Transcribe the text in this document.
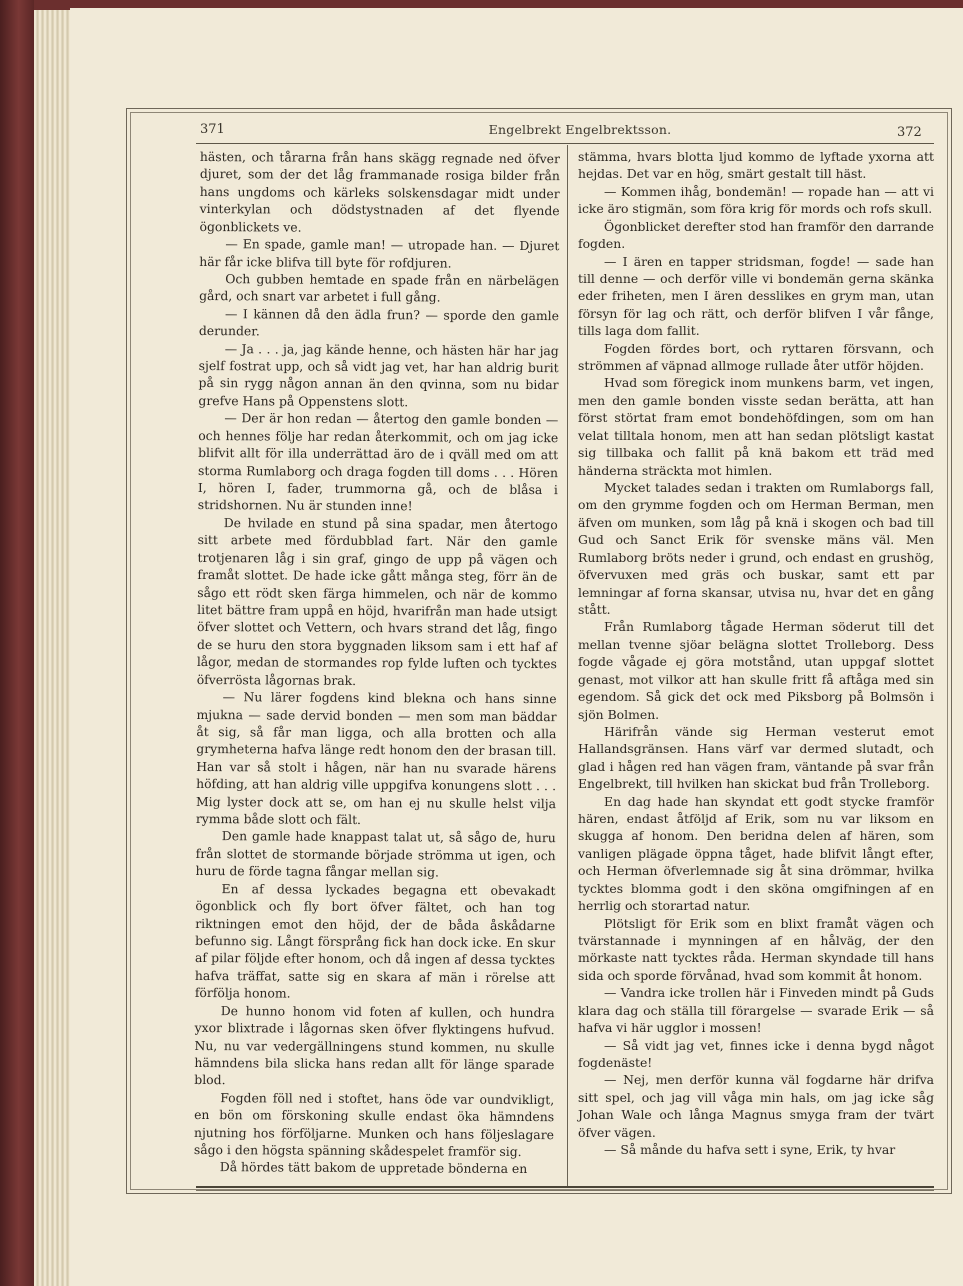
371	Engelbrekt Engelbrektsson.	372

hästen, och tårarna från hans skägg regnade ned öfver djuret, som der det låg frammanade rosiga bilder från hans ungdoms och kärleks solskensdagar midt under vinterkylan och dödstystnaden af det flyende ögonblickets ve.

— En spade, gamle man! — utropade han. — Djuret här får icke blifva till byte för rofdjuren.

Och gubben hemtade en spade från en närbelägen gård, och snart var arbetet i full gång.

— I kännen då den ädla frun? — sporde den gamle derunder.

— Ja . . . ja, jag kände henne, och hästen här har jag sjelf fostrat upp, och så vidt jag vet, har han aldrig burit på sin rygg någon annan än den qvinna, som nu bidar grefve Hans på Oppenstens slott.

— Der är hon redan — återtog den gamle bonden — och hennes följe har redan återkommit, och om jag icke blifvit allt för illa underrättad äro de i qväll med om att storma Rumlaborg och draga fogden till doms . . . Hören I, hören I, fader, trummorna gå, och de blåsa i stridshornen. Nu är stunden inne!

De hvilade en stund på sina spadar, men återtogo sitt arbete med fördubblad fart. När den gamle trotjenaren låg i sin graf, gingo de upp på vägen och framåt slottet. De hade icke gått många steg, förr än de sågo ett rödt sken färga himmelen, och när de kommo litet bättre fram uppå en höjd, hvarifrån man hade utsigt öfver slottet och Vettern, och hvars strand det låg, fingo de se huru den stora byggnaden liksom sam i ett haf af lågor, medan de stormandes rop fylde luften och tycktes öfverrösta lågornas brak.

— Nu lärer fogdens kind blekna och hans sinne mjukna — sade dervid bonden — men som man bäddar åt sig, så får man ligga, och alla brotten och alla grymheterna hafva länge redt honom den der brasan till. Han var så stolt i hågen, när han nu svarade härens höfding, att han aldrig ville uppgifva konungens slott . . . Mig lyster dock att se, om han ej nu skulle helst vilja rymma både slott och fält.

Den gamle hade knappast talat ut, så sågo de, huru från slottet de stormande började strömma ut igen, och huru de förde tagna fångar mellan sig.

En af dessa lyckades begagna ett obevakadt ögonblick och fly bort öfver fältet, och han tog riktningen emot den höjd, der de båda åskådarne befunno sig. Långt försprång fick han dock icke. En skur af pilar följde efter honom, och då ingen af dessa tycktes hafva träffat, satte sig en skara af män i rörelse att förfölja honom.

De hunno honom vid foten af kullen, och hundra yxor blixtrade i lågornas sken öfver flyktingens hufvud. Nu, nu var vedergällningens stund kommen, nu skulle hämndens bila slicka hans redan allt för länge sparade blod.

Fogden föll ned i stoftet, hans öde var oundvikligt, en bön om förskoning skulle endast öka hämndens njutning hos förföljarne. Munken och hans följeslagare sågo i den högsta spänning skådespelet framför sig.

Då hördes tätt bakom de uppretade bönderna en

stämma, hvars blotta ljud kommo de lyftade yxorna att hejdas. Det var en hög, smärt gestalt till häst.

— Kommen ihåg, bondemän! — ropade han — att vi icke äro stigmän, som föra krig för mords och rofs skull.

Ögonblicket derefter stod han framför den darrande fogden.

— I ären en tapper stridsman, fogde! — sade han till denne — och derför ville vi bondemän gerna skänka eder friheten, men I ären desslikes en grym man, utan försyn för lag och rätt, och derför blifven I vår fånge, tills laga dom fallit.

Fogden fördes bort, och ryttaren försvann, och strömmen af väpnad allmoge rullade åter utför höjden.

Hvad som föregick inom munkens barm, vet ingen, men den gamle bonden visste sedan berätta, att han först störtat fram emot bondehöfdingen, som om han velat tilltala honom, men att han sedan plötsligt kastat sig tillbaka och fallit på knä bakom ett träd med händerna sträckta mot himlen.

Mycket talades sedan i trakten om Rumlaborgs fall, om den grymme fogden och om Herman Berman, men äfven om munken, som låg på knä i skogen och bad till Gud och Sanct Erik för svenske mäns väl. Men Rumlaborg bröts neder i grund, och endast en grushög, öfvervuxen med gräs och buskar, samt ett par lemningar af forna skansar, utvisa nu, hvar det en gång stått.

Från Rumlaborg tågade Herman söderut till det mellan tvenne sjöar belägna slottet Trolleborg. Dess fogde vågade ej göra motstånd, utan uppgaf slottet genast, mot vilkor att han skulle fritt få aftåga med sin egendom. Så gick det ock med Piksborg på Bolmsön i sjön Bolmen.

Härifrån vände sig Herman vesterut emot Hallandsgränsen. Hans värf var dermed slutadt, och glad i hågen red han vägen fram, väntande på svar från Engelbrekt, till hvilken han skickat bud från Trolleborg.

En dag hade han skyndat ett godt stycke framför hären, endast åtföljd af Erik, som nu var liksom en skugga af honom. Den beridna delen af hären, som vanligen plägade öppna tåget, hade blifvit långt efter, och Herman öfverlemnade sig åt sina drömmar, hvilka tycktes blomma godt i den sköna omgifningen af en herrlig och storartad natur.

Plötsligt för Erik som en blixt framåt vägen och tvärstannade i mynningen af en hålväg, der den mörkaste natt tycktes råda. Herman skyndade till hans sida och sporde förvånad, hvad som kommit åt honom.

— Vandra icke trollen här i Finveden mindt på Guds klara dag och ställa till förargelse — svarade Erik — så hafva vi här ugglor i mossen!

— Så vidt jag vet, finnes icke i denna bygd något fogdenäste!

— Nej, men derför kunna väl fogdarne här drifva sitt spel, och jag vill våga min hals, om jag icke såg Johan Wale och långa Magnus smyga fram der tvärt öfver vägen.

— Så månde du hafva sett i syne, Erik, ty hvar
